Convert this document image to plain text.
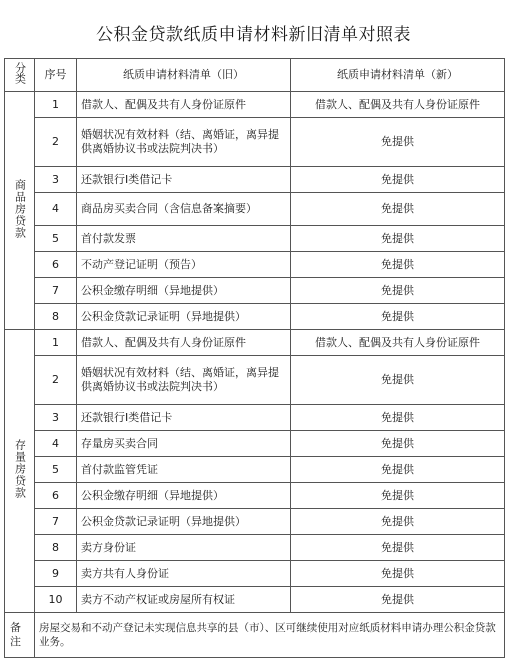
公积金贷款纸质申请材料新旧清单对照表
分类	序号	纸质申请材料清单（旧）	纸质申请材料清单（新）
商品房贷款	1	借款人、配偶及共有人身份证原件	借款人、配偶及共有人身份证原件
	2	婚姻状况有效材料（结、离婚证，离异提供离婚协议书或法院判决书）	免提供
	3	还款银行Ⅰ类借记卡	免提供
	4	商品房买卖合同（含信息备案摘要）	免提供
	5	首付款发票	免提供
	6	不动产登记证明（预告）	免提供
	7	公积金缴存明细（异地提供）	免提供
	8	公积金贷款记录证明（异地提供）	免提供
存量房贷款	1	借款人、配偶及共有人身份证原件	借款人、配偶及共有人身份证原件
	2	婚姻状况有效材料（结、离婚证，离异提供离婚协议书或法院判决书）	免提供
	3	还款银行Ⅰ类借记卡	免提供
	4	存量房买卖合同	免提供
	5	首付款监管凭证	免提供
	6	公积金缴存明细（异地提供）	免提供
	7	公积金贷款记录证明（异地提供）	免提供
	8	卖方身份证	免提供
	9	卖方共有人身份证	免提供
	10	卖方不动产权证或房屋所有权证	免提供
备注	房屋交易和不动产登记未实现信息共享的县（市）、区可继续使用对应纸质材料申请办理公积金贷款业务。		
